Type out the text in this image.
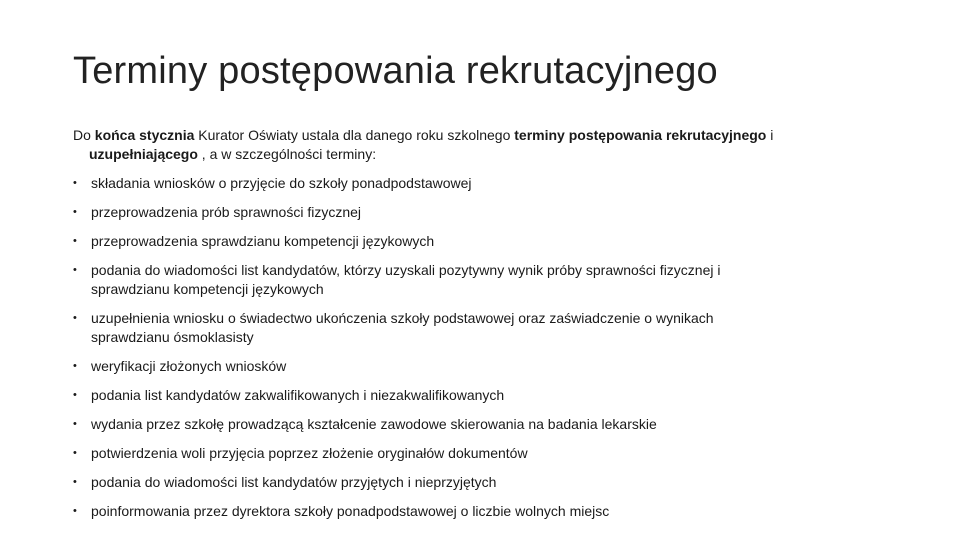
Terminy postępowania rekrutacyjnego
Do końca stycznia Kurator Oświaty ustala dla danego roku szkolnego terminy postępowania rekrutacyjnego i
uzupełniającego , a w szczególności terminy:
• składania wniosków o przyjęcie do szkoły ponadpodstawowej
• przeprowadzenia prób sprawności fizycznej
• przeprowadzenia sprawdzianu kompetencji językowych
• podania do wiadomości list kandydatów, którzy uzyskali pozytywny wynik próby sprawności fizycznej i
sprawdzianu kompetencji językowych
• uzupełnienia wniosku o świadectwo ukończenia szkoły podstawowej oraz zaświadczenie o wynikach
sprawdzianu ósmoklasisty
• weryfikacji złożonych wniosków
• podania list kandydatów zakwalifikowanych i niezakwalifikowanych
• wydania przez szkołę prowadzącą kształcenie zawodowe skierowania na badania lekarskie
• potwierdzenia woli przyjęcia poprzez złożenie oryginałów dokumentów
• podania do wiadomości list kandydatów przyjętych i nieprzyjętych
• poinformowania przez dyrektora szkoły ponadpodstawowej o liczbie wolnych miejsc
